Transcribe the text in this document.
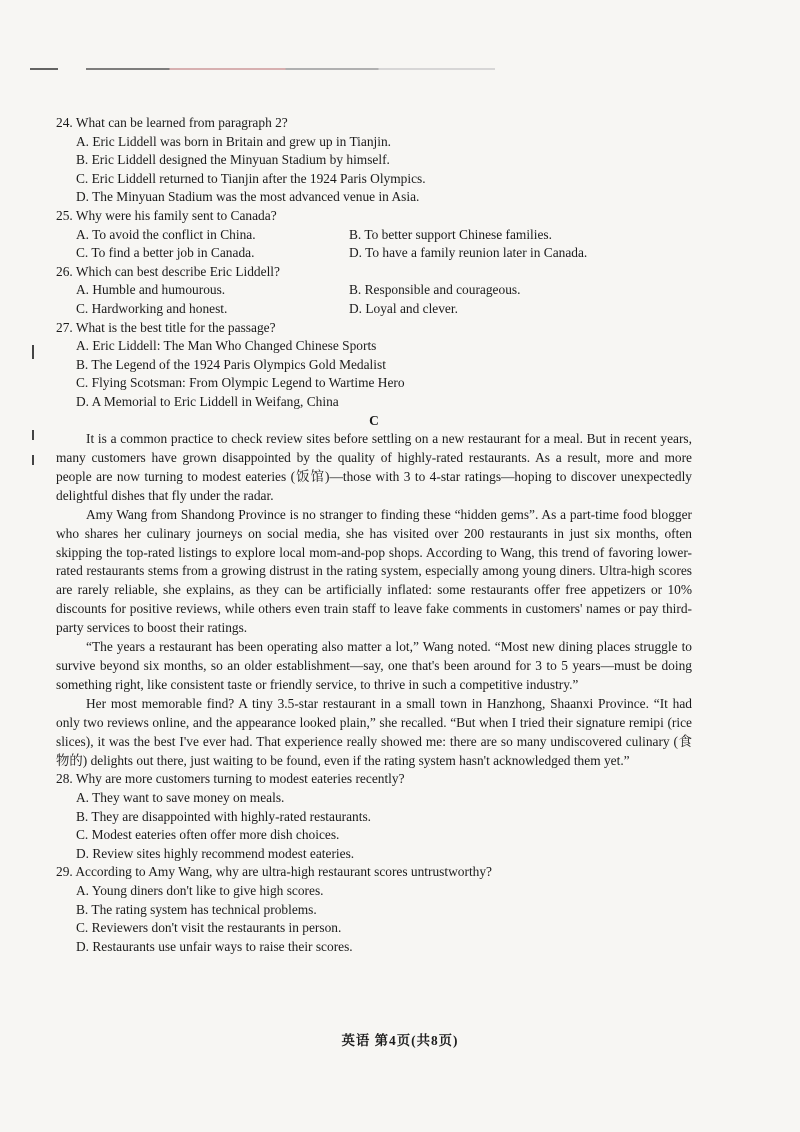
24. What can be learned from paragraph 2?
A. Eric Liddell was born in Britain and grew up in Tianjin.
B. Eric Liddell designed the Minyuan Stadium by himself.
C. Eric Liddell returned to Tianjin after the 1924 Paris Olympics.
D. The Minyuan Stadium was the most advanced venue in Asia.
25. Why were his family sent to Canada?
A. To avoid the conflict in China.	B. To better support Chinese families.
C. To find a better job in Canada.	D. To have a family reunion later in Canada.
26. Which can best describe Eric Liddell?
A. Humble and humourous.	B. Responsible and courageous.
C. Hardworking and honest.	D. Loyal and clever.
27. What is the best title for the passage?
A. Eric Liddell: The Man Who Changed Chinese Sports
B. The Legend of the 1924 Paris Olympics Gold Medalist
C. Flying Scotsman: From Olympic Legend to Wartime Hero
D. A Memorial to Eric Liddell in Weifang, China
C

It is a common practice to check review sites before settling on a new restaurant for a meal. But in recent years, many customers have grown disappointed by the quality of highly-rated restaurants. As a result, more and more people are now turning to modest eateries (饭馆)—those with 3 to 4-star ratings—hoping to discover unexpectedly delightful dishes that fly under the radar.

Amy Wang from Shandong Province is no stranger to finding these “hidden gems”. As a part-time food blogger who shares her culinary journeys on social media, she has visited over 200 restaurants in just six months, often skipping the top-rated listings to explore local mom-and-pop shops. According to Wang, this trend of favoring lower-rated restaurants stems from a growing distrust in the rating system, especially among young diners. Ultra-high scores are rarely reliable, she explains, as they can be artificially inflated: some restaurants offer free appetizers or 10% discounts for positive reviews, while others even train staff to leave fake comments in customers' names or pay third-party services to boost their ratings.

“The years a restaurant has been operating also matter a lot,” Wang noted. “Most new dining places struggle to survive beyond six months, so an older establishment—say, one that's been around for 3 to 5 years—must be doing something right, like consistent taste or friendly service, to thrive in such a competitive industry.”

Her most memorable find? A tiny 3.5-star restaurant in a small town in Hanzhong, Shaanxi Province. “It had only two reviews online, and the appearance looked plain,” she recalled. “But when I tried their signature remipi (rice slices), it was the best I've ever had. That experience really showed me: there are so many undiscovered culinary (食物的) delights out there, just waiting to be found, even if the rating system hasn't acknowledged them yet.”

28. Why are more customers turning to modest eateries recently?
A. They want to save money on meals.
B. They are disappointed with highly-rated restaurants.
C. Modest eateries often offer more dish choices.
D. Review sites highly recommend modest eateries.
29. According to Amy Wang, why are ultra-high restaurant scores untrustworthy?
A. Young diners don't like to give high scores.
B. The rating system has technical problems.
C. Reviewers don't visit the restaurants in person.
D. Restaurants use unfair ways to raise their scores.
英语 第4页(共8页)
